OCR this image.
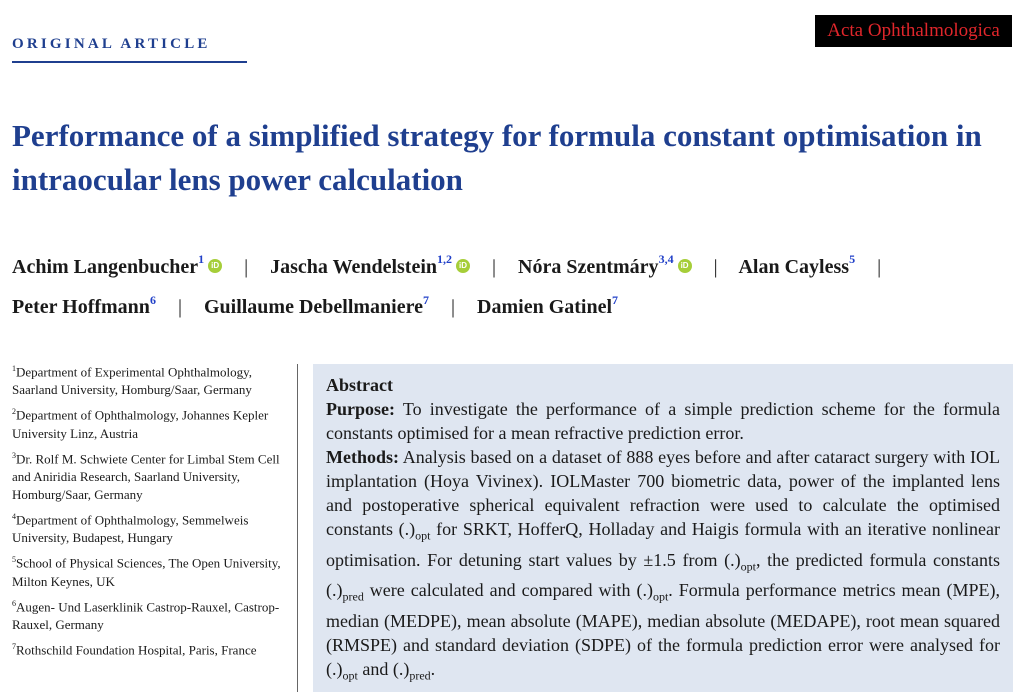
ORIGINAL ARTICLE
Acta Ophthalmologica
Performance of a simplified strategy for formula constant optimisation in intraocular lens power calculation
Achim Langenbucher$^1$ iD | Jascha Wendelstein$^{1,2}$ iD | Nóra Szentmáry$^{3,4}$ iD | Alan Cayless$^5$ |
Peter Hoffmann$^6$ | Guillaume Debellmaniere$^7$ | Damien Gatinel$^7$
$^1$Department of Experimental Ophthalmology, Saarland University, Homburg/Saar, Germany
$^2$Department of Ophthalmology, Johannes Kepler University Linz, Austria
$^3$Dr. Rolf M. Schwiete Center for Limbal Stem Cell and Aniridia Research, Saarland University, Homburg/Saar, Germany
$^4$Department of Ophthalmology, Semmelweis University, Budapest, Hungary
$^5$School of Physical Sciences, The Open University, Milton Keynes, UK
$^6$Augen- Und Laserklinik Castrop-Rauxel, Castrop-Rauxel, Germany
$^7$Rothschild Foundation Hospital, Paris, France
Abstract
Purpose: To investigate the performance of a simple prediction scheme for the formula constants optimised for a mean refractive prediction error.
Methods: Analysis based on a dataset of 888 eyes before and after cataract surgery with IOL implantation (Hoya Vivinex). IOLMaster 700 biometric data, power of the implanted lens and postoperative spherical equivalent refraction were used to calculate the optimised constants $(.)_{opt}$ for SRKT, HofferQ, Holladay and Haigis formula with an iterative nonlinear optimisation. For detuning start values by ±1.5 from $(.)_{opt}$, the predicted formula constants $(.)_{pred}$ were calculated and compared with $(.)_{opt}$. Formula performance metrics mean (MPE), median (MEDPE), mean absolute (MAPE), median absolute (MEDAPE), root mean squared (RMSPE) and standard deviation (SDPE) of the formula prediction error were analysed for $(.)_{opt}$ and $(.)_{pred}$.
